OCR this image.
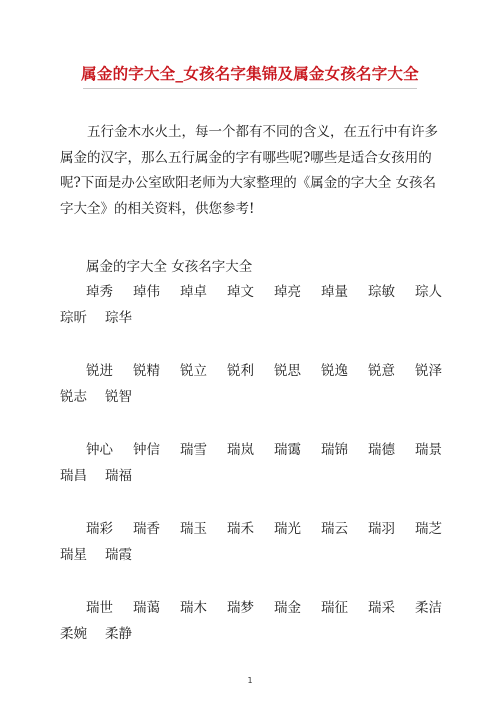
属金的字大全_女孩名字集锦及属金女孩名字大全
五行金木水火土，每一个都有不同的含义，在五行中有许多属金的汉字，那么五行属金的字有哪些呢?哪些是适合女孩用的呢?下面是办公室欧阳老师为大家整理的《属金的字大全 女孩名字大全》的相关资料，供您参考!
属金的字大全 女孩名字大全
琸秀 琸伟 琸卓 琸文 琸亮 琸量 琮敏 琮人
琮昕 琮华
锐进 锐精 锐立 锐利 锐思 锐逸 锐意 锐泽
锐志 锐智
钟心 钟信 瑞雪 瑞岚 瑞霭 瑞锦 瑞德 瑞景
瑞昌 瑞福
瑞彩 瑞香 瑞玉 瑞禾 瑞光 瑞云 瑞羽 瑞芝
瑞星 瑞霞
瑞世 瑞蔼 瑞木 瑞梦 瑞金 瑞征 瑞采 柔洁
柔婉 柔静
1
